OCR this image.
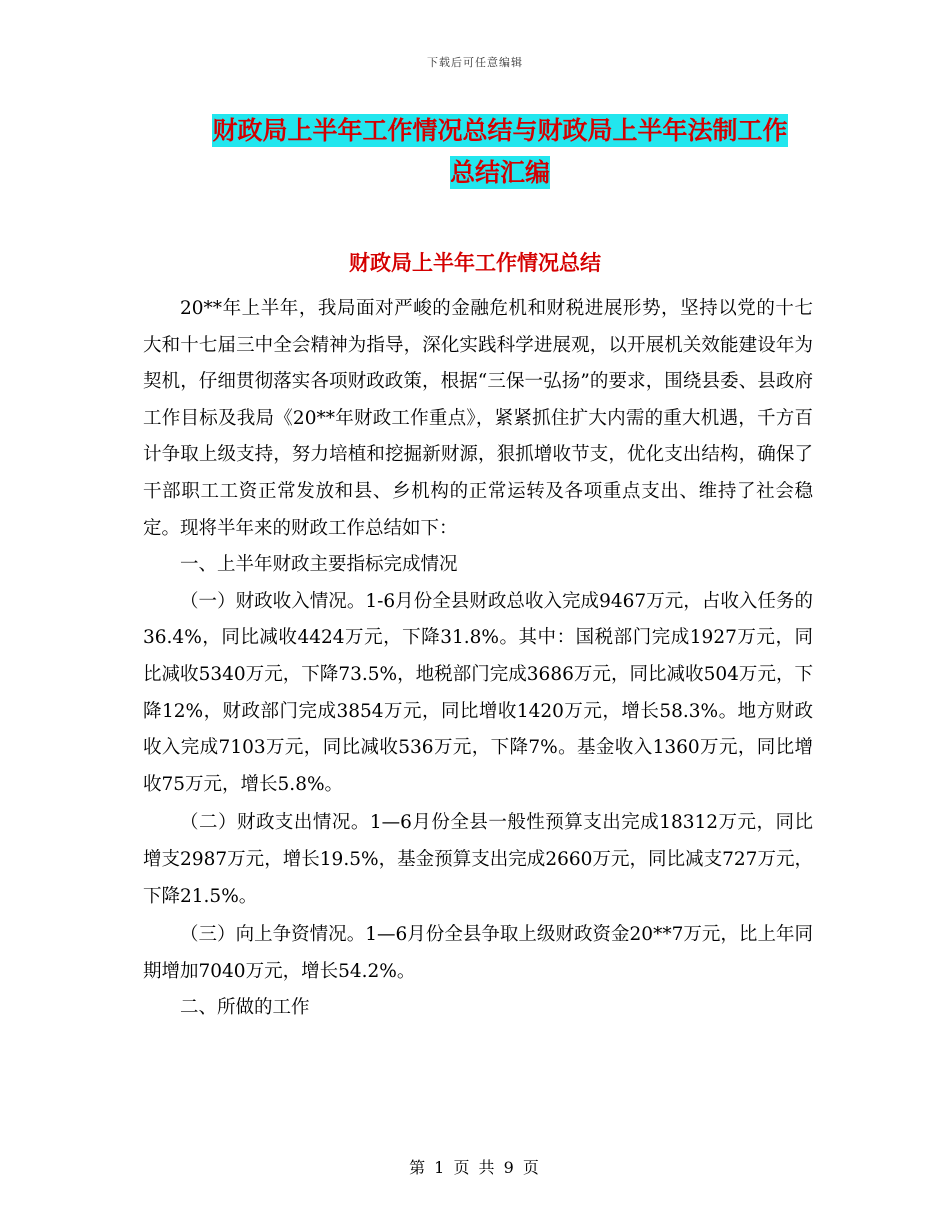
下载后可任意编辑
财政局上半年工作情况总结与财政局上半年法制工作
总结汇编
财政局上半年工作情况总结

20**年上半年，我局面对严峻的金融危机和财税进展形势，坚持以党的十七大和十七届三中全会精神为指导，深化实践科学进展观，以开展机关效能建设年为契机，仔细贯彻落实各项财政政策，根据“三保一弘扬”的要求，围绕县委、县政府工作目标及我局《20**年财政工作重点》，紧紧抓住扩大内需的重大机遇，千方百计争取上级支持，努力培植和挖掘新财源，狠抓增收节支，优化支出结构，确保了干部职工工资正常发放和县、乡机构的正常运转及各项重点支出、维持了社会稳定。现将半年来的财政工作总结如下：

一、上半年财政主要指标完成情况

（一）财政收入情况。1-6月份全县财政总收入完成9467万元，占收入任务的36.4%，同比减收4424万元，下降31.8%。其中：国税部门完成1927万元，同比减收5340万元，下降73.5%，地税部门完成3686万元，同比减收504万元，下降12%，财政部门完成3854万元，同比增收1420万元，增长58.3%。地方财政收入完成7103万元，同比减收536万元，下降7%。基金收入1360万元，同比增收75万元，增长5.8%。

（二）财政支出情况。1—6月份全县一般性预算支出完成18312万元，同比增支2987万元，增长19.5%，基金预算支出完成2660万元，同比减支727万元，下降21.5%。

（三）向上争资情况。1—6月份全县争取上级财政资金20**7万元，比上年同期增加7040万元，增长54.2%。

二、所做的工作

第 1 页 共 9 页
